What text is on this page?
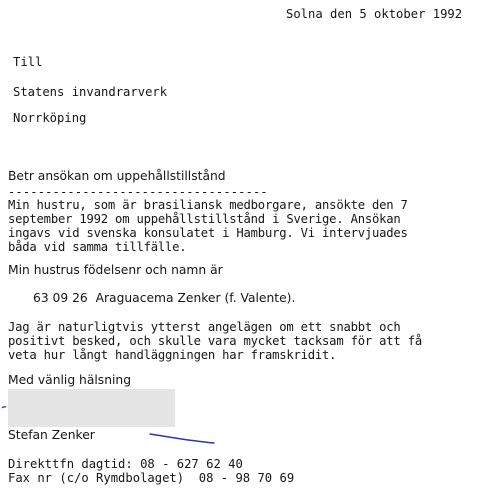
Solna den 5 oktober 1992
Till
Statens invandrarverk
Norrköping
Betr ansökan om uppehållstillstånd
-----------------------------------
Min hustru, som är brasiliansk medborgare, ansökte den 7
september 1992 om uppehållstillstånd i Sverige. Ansökan
ingavs vid svenska konsulatet i Hamburg. Vi intervjuades
båda vid samma tillfälle.
Min hustrus födelsenr och namn är
63 09 26  Araguacema Zenker (f. Valente).
Jag är naturligtvis ytterst angelägen om ett snabbt och
positivt besked, och skulle vara mycket tacksam för att få
veta hur långt handläggningen har framskridit.
Med vänlig hälsning
Stefan Zenker
Direkttfn dagtid: 08 - 627 62 40
Fax nr (c/o Rymdbolaget)  08 - 98 70 69
